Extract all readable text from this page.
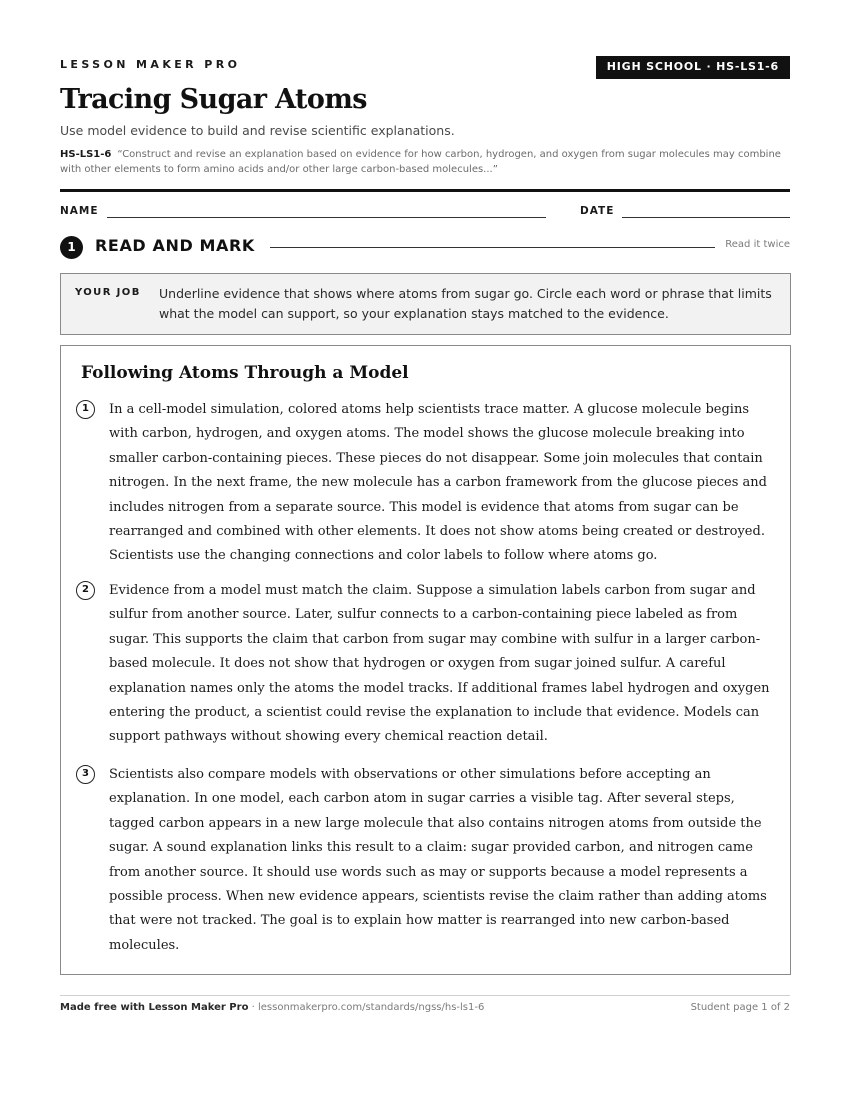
LESSON MAKER PRO	HIGH SCHOOL · HS-LS1-6
Tracing Sugar Atoms
Use model evidence to build and revise scientific explanations.
HS-LS1-6 “Construct and revise an explanation based on evidence for how carbon, hydrogen, and oxygen from sugar molecules may combine with other elements to form amino acids and/or other large carbon-based molecules...”
NAME	DATE
1	READ AND MARK	Read it twice
YOUR JOB Underline evidence that shows where atoms from sugar go. Circle each word or phrase that limits what the model can support, so your explanation stays matched to the evidence.
Following Atoms Through a Model
1	In a cell-model simulation, colored atoms help scientists trace matter. A glucose molecule begins with carbon, hydrogen, and oxygen atoms. The model shows the glucose molecule breaking into smaller carbon-containing pieces. These pieces do not disappear. Some join molecules that contain nitrogen. In the next frame, the new molecule has a carbon framework from the glucose pieces and includes nitrogen from a separate source. This model is evidence that atoms from sugar can be rearranged and combined with other elements. It does not show atoms being created or destroyed. Scientists use the changing connections and color labels to follow where atoms go.
2	Evidence from a model must match the claim. Suppose a simulation labels carbon from sugar and sulfur from another source. Later, sulfur connects to a carbon-containing piece labeled as from sugar. This supports the claim that carbon from sugar may combine with sulfur in a larger carbon-based molecule. It does not show that hydrogen or oxygen from sugar joined sulfur. A careful explanation names only the atoms the model tracks. If additional frames label hydrogen and oxygen entering the product, a scientist could revise the explanation to include that evidence. Models can support pathways without showing every chemical reaction detail.
3	Scientists also compare models with observations or other simulations before accepting an explanation. In one model, each carbon atom in sugar carries a visible tag. After several steps, tagged carbon appears in a new large molecule that also contains nitrogen atoms from outside the sugar. A sound explanation links this result to a claim: sugar provided carbon, and nitrogen came from another source. It should use words such as may or supports because a model represents a possible process. When new evidence appears, scientists revise the claim rather than adding atoms that were not tracked. The goal is to explain how matter is rearranged into new carbon-based molecules.
Made free with Lesson Maker Pro · lessonmakerpro.com/standards/ngss/hs-ls1-6	Student page 1 of 2
